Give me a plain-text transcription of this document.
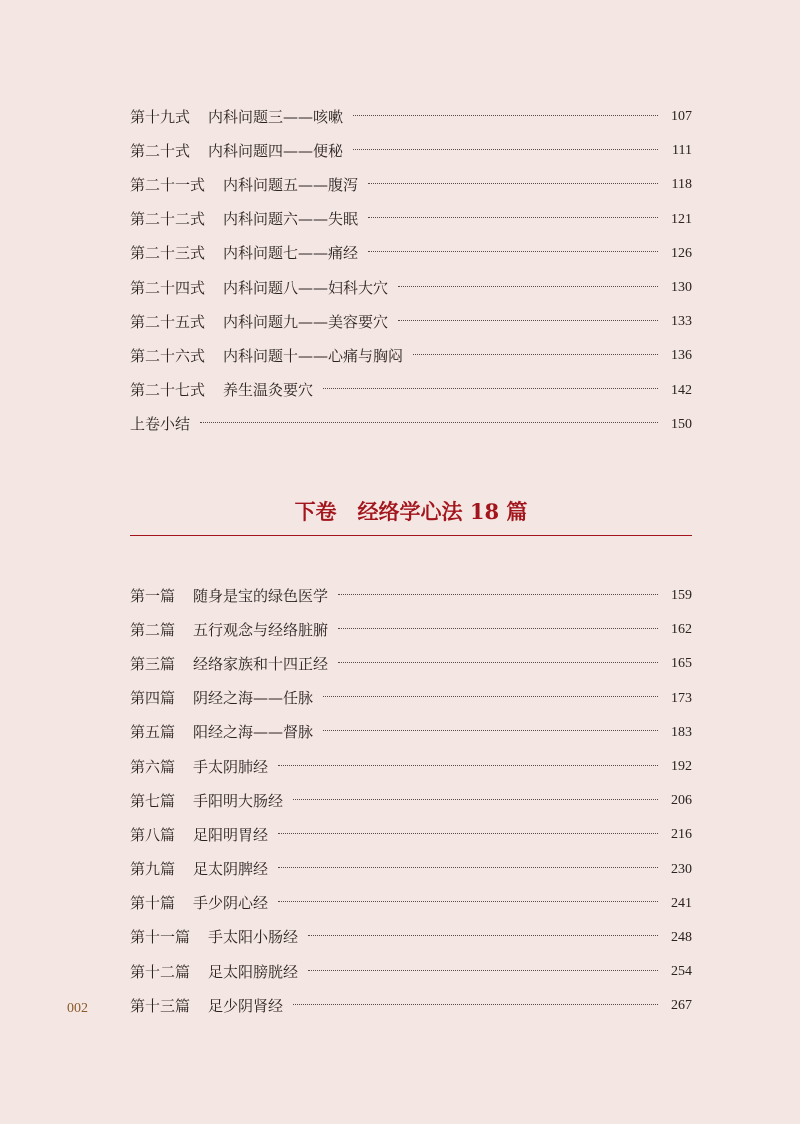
第十九式 内科问题三——咳嗽	107
第二十式 内科问题四——便秘	111
第二十一式 内科问题五——腹泻	118
第二十二式 内科问题六——失眠	121
第二十三式 内科问题七——痛经	126
第二十四式 内科问题八——妇科大穴	130
第二十五式 内科问题九——美容要穴	133
第二十六式 内科问题十——心痛与胸闷	136
第二十七式 养生温灸要穴	142
上卷小结	150
下卷　经络学心法 18 篇
第一篇 随身是宝的绿色医学	159
第二篇 五行观念与经络脏腑	162
第三篇 经络家族和十四正经	165
第四篇 阴经之海——任脉	173
第五篇 阳经之海——督脉	183
第六篇 手太阴肺经	192
第七篇 手阳明大肠经	206
第八篇 足阳明胃经	216
第九篇 足太阴脾经	230
第十篇 手少阴心经	241
第十一篇 手太阳小肠经	248
第十二篇 足太阳膀胱经	254
第十三篇 足少阴肾经	267
002
